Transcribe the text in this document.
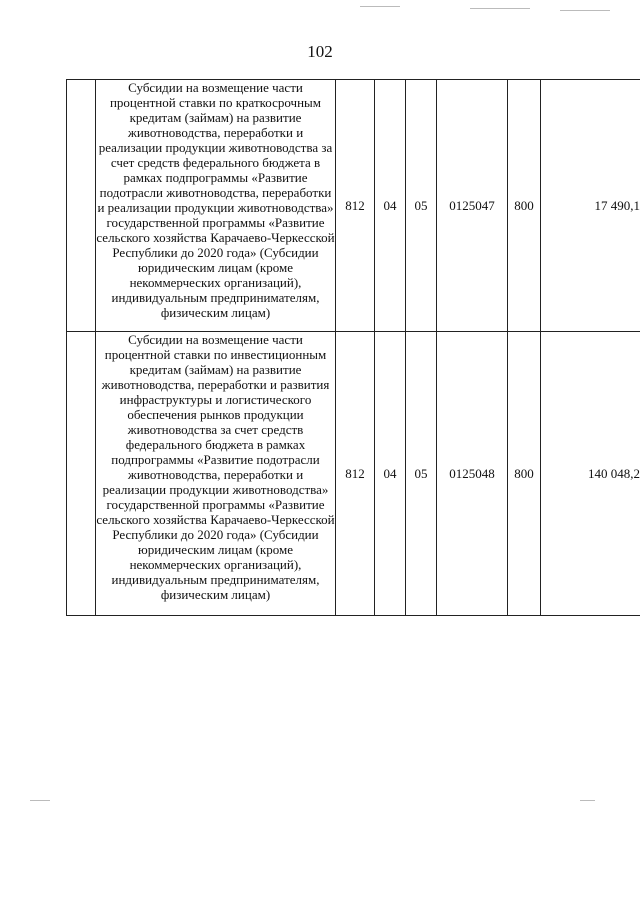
102
	Субсидии на возмещение части процентной ставки по краткосрочным кредитам (займам) на развитие животноводства, переработки и реализации продукции животноводства за счет средств федерального бюджета в рамках подпрограммы «Развитие подотрасли животноводства, переработки и реализации продукции животноводства» государственной программы «Развитие сельского хозяйства Карачаево-Черкесской Республики до 2020 года» (Субсидии юридическим лицам (кроме некоммерческих организаций), индивидуальным предпринимателям, физическим лицам)	812	04	05	0125047	800	17 490,1
	Субсидии на возмещение части процентной ставки по инвестиционным кредитам (займам) на развитие животноводства, переработки и развития инфраструктуры и логистического обеспечения рынков продукции животноводства за счет средств федерального бюджета в рамках подпрограммы «Развитие подотрасли животноводства, переработки и реализации продукции животноводства» государственной программы «Развитие сельского хозяйства Карачаево-Черкесской Республики до 2020 года» (Субсидии юридическим лицам (кроме некоммерческих организаций), индивидуальным предпринимателям, физическим лицам)	812	04	05	0125048	800	140 048,2
